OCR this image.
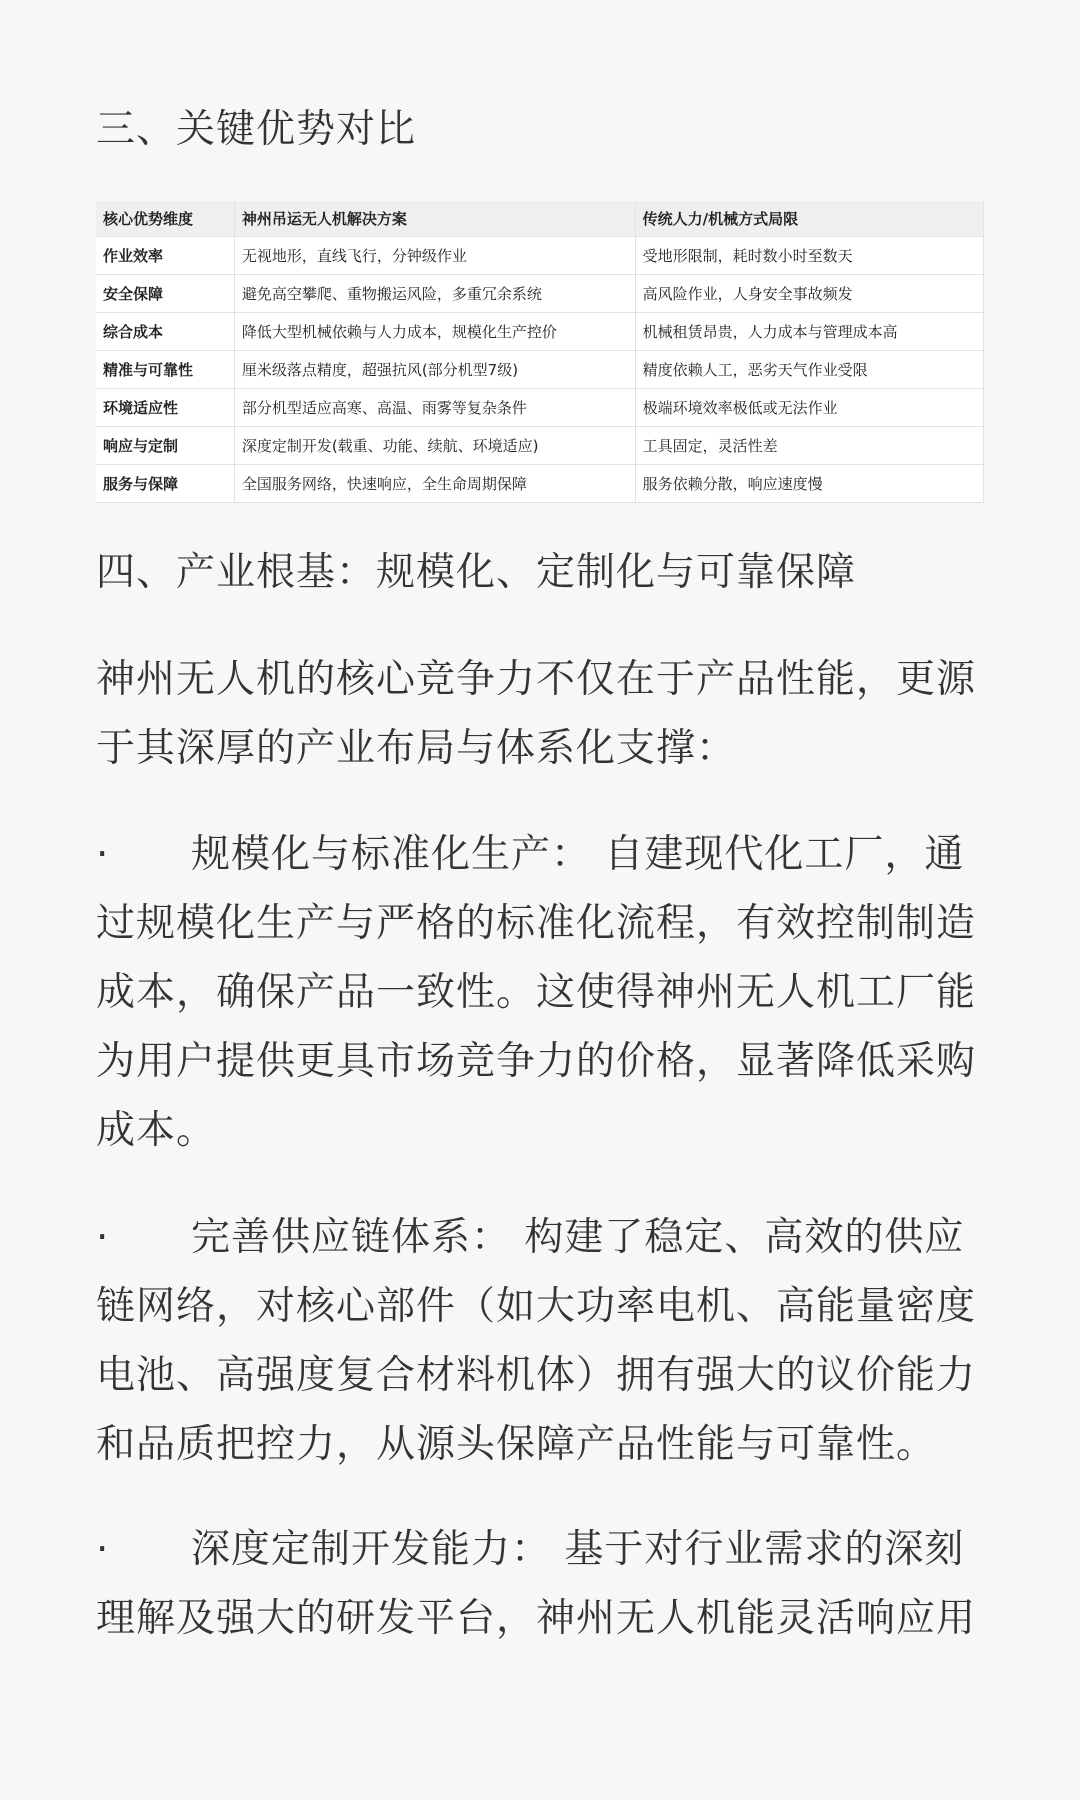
三、关键优势对比
核心优势维度	神州吊运无人机解决方案	传统人力/机械方式局限
作业效率	无视地形，直线飞行，分钟级作业	受地形限制，耗时数小时至数天
安全保障	避免高空攀爬、重物搬运风险，多重冗余系统	高风险作业，人身安全事故频发
综合成本	降低大型机械依赖与人力成本，规模化生产控价	机械租赁昂贵，人力成本与管理成本高
精准与可靠性	厘米级落点精度，超强抗风(部分机型7级)	精度依赖人工，恶劣天气作业受限
环境适应性	部分机型适应高寒、高温、雨雾等复杂条件	极端环境效率极低或无法作业
响应与定制	深度定制开发(载重、功能、续航、环境适应)	工具固定，灵活性差
服务与保障	全国服务网络，快速响应，全生命周期保障	服务依赖分散，响应速度慢
四、产业根基：规模化、定制化与可靠保障
神州无人机的核心竞争力不仅在于产品性能，更源于其深厚的产业布局与体系化支撑：
· 规模化与标准化生产： 自建现代化工厂，通过规模化生产与严格的标准化流程，有效控制制造成本，确保产品一致性。这使得神州无人机工厂能为用户提供更具市场竞争力的价格，显著降低采购成本。
· 完善供应链体系： 构建了稳定、高效的供应链网络，对核心部件（如大功率电机、高能量密度电池、高强度复合材料机体）拥有强大的议价能力和品质把控力，从源头保障产品性能与可靠性。
· 深度定制开发能力： 基于对行业需求的深刻理解及强大的研发平台，神州无人机能灵活响应用
